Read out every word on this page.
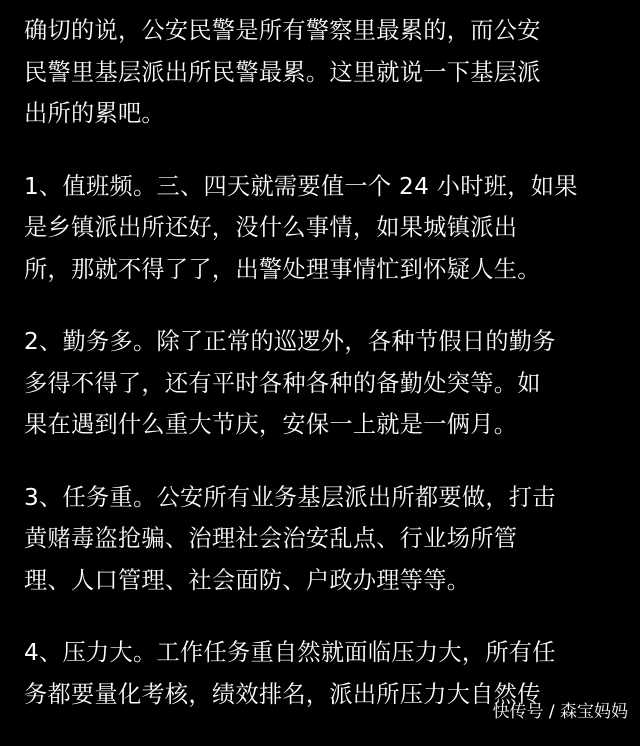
确切的说，公安民警是所有警察里最累的，而公安
民警里基层派出所民警最累。这里就说一下基层派
出所的累吧。

1、值班频。三、四天就需要值一个 24 小时班，如果
是乡镇派出所还好，没什么事情，如果城镇派出
所，那就不得了了，出警处理事情忙到怀疑人生。

2、勤务多。除了正常的巡逻外，各种节假日的勤务
多得不得了，还有平时各种各种的备勤处突等。如
果在遇到什么重大节庆，安保一上就是一俩月。

3、任务重。公安所有业务基层派出所都要做，打击
黄赌毒盗抢骗、治理社会治安乱点、行业场所管
理、人口管理、社会面防、户政办理等等。

4、压力大。工作任务重自然就面临压力大，所有任
务都要量化考核，绩效排名，派出所压力大自然传

快传号 / 森宝妈妈
